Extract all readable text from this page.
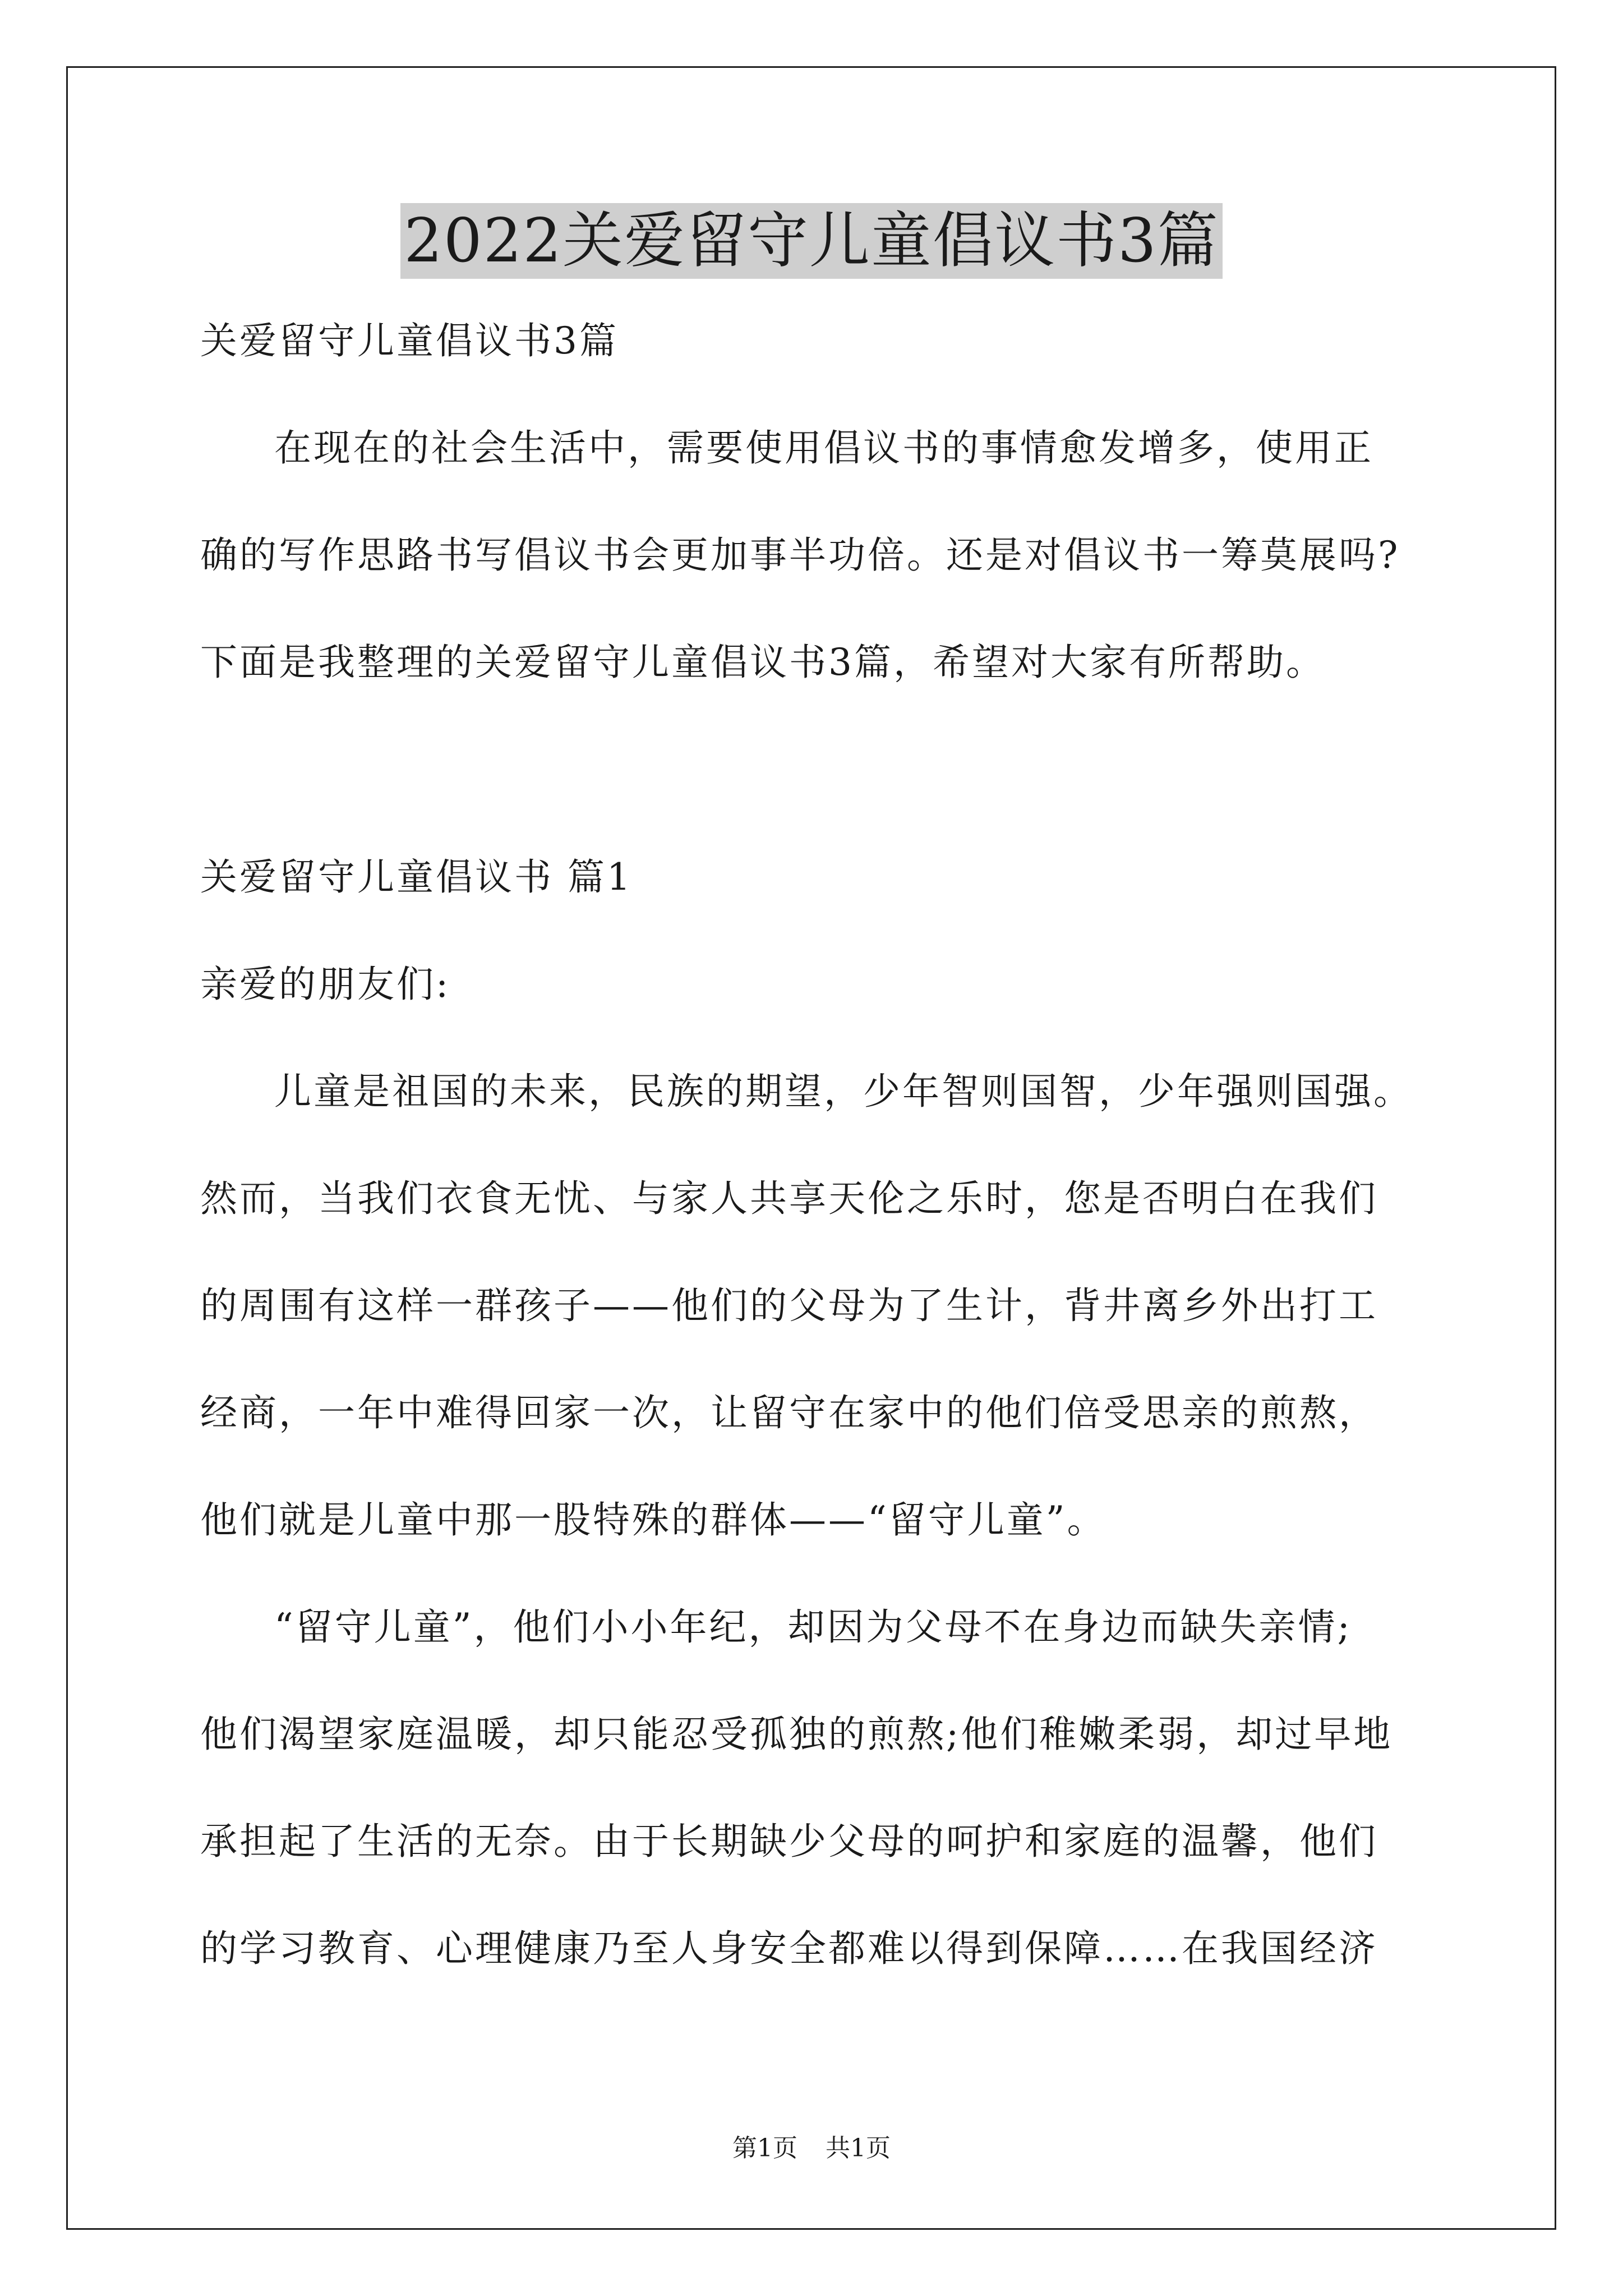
2022关爱留守儿童倡议书3篇
关爱留守儿童倡议书3篇
在现在的社会生活中，需要使用倡议书的事情愈发增多，使用正
确的写作思路书写倡议书会更加事半功倍。还是对倡议书一筹莫展吗?
下面是我整理的关爱留守儿童倡议书3篇，希望对大家有所帮助。
关爱留守儿童倡议书 篇1
亲爱的朋友们:
儿童是祖国的未来，民族的期望，少年智则国智，少年强则国强。
然而，当我们衣食无忧、与家人共享天伦之乐时，您是否明白在我们
的周围有这样一群孩子——他们的父母为了生计，背井离乡外出打工
经商，一年中难得回家一次，让留守在家中的他们倍受思亲的煎熬，
他们就是儿童中那一股特殊的群体——“留守儿童”。
“留守儿童”，他们小小年纪，却因为父母不在身边而缺失亲情;
他们渴望家庭温暖，却只能忍受孤独的煎熬;他们稚嫩柔弱，却过早地
承担起了生活的无奈。由于长期缺少父母的呵护和家庭的温馨，他们
的学习教育、心理健康乃至人身安全都难以得到保障……在我国经济
第1页 共1页
